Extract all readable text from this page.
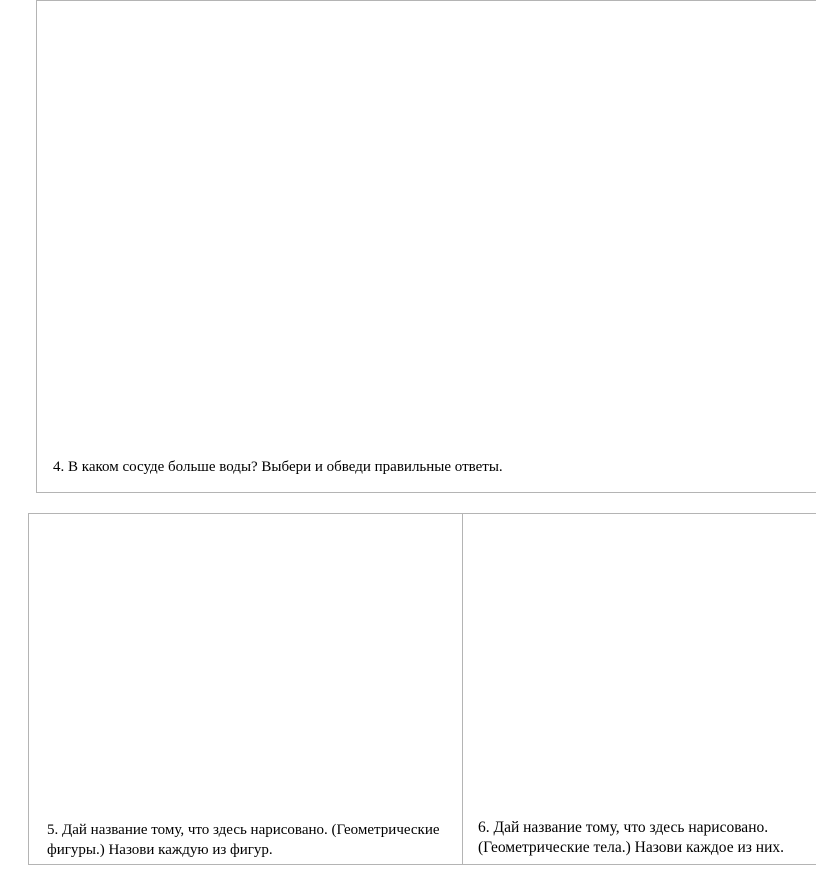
4. В каком сосуде больше воды? Выбери и обведи правильные ответы.
5. Дай название тому, что здесь нарисовано. (Геометрические
фигуры.) Назови каждую из фигур.
6. Дай название тому, что здесь нарисовано.
(Геометрические тела.) Назови каждое из них.
